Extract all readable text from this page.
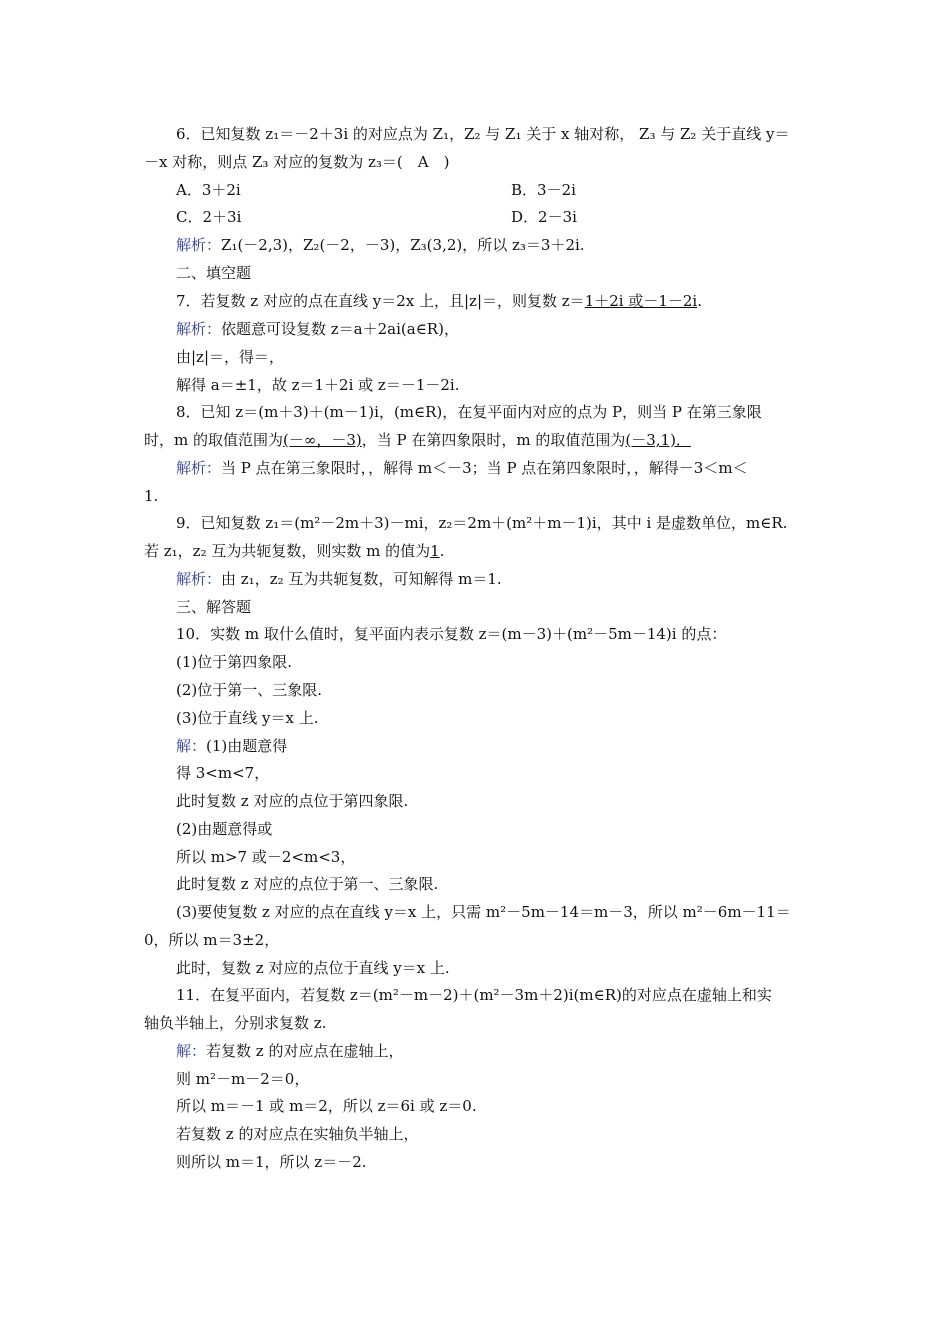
6．已知复数 z₁＝－2＋3i 的对应点为 Z₁，Z₂ 与 Z₁ 关于 x 轴对称， Z₃ 与 Z₂ 关于直线 y＝
－x 对称，则点 Z₃ 对应的复数为 z₃＝(　A　)
A．3＋2i	B．3－2i
C．2＋3i	D．2－3i
解析：Z₁(－2,3)，Z₂(－2，－3)，Z₃(3,2)，所以 z₃＝3＋2i.
二、填空题
7．若复数 z 对应的点在直线 y＝2x 上，且|z|＝，则复数 z＝1＋2i 或－1－2i.
解析：依题意可设复数 z＝a＋2ai(a∈R)，
由|z|＝，得＝，
解得 a＝±1，故 z＝1＋2i 或 z＝－1－2i.
8．已知 z＝(m＋3)＋(m－1)i，(m∈R)，在复平面内对应的点为 P，则当 P 在第三象限
时，m 的取值范围为(－∞，－3)，当 P 在第四象限时，m 的取值范围为(－3,1)．
解析：当 P 点在第三象限时，，解得 m＜－3；当 P 点在第四象限时，，解得－3＜m＜
1.
9．已知复数 z₁＝(m²－2m＋3)－mi，z₂＝2m＋(m²＋m－1)i，其中 i 是虚数单位，m∈R.
若 z₁，z₂ 互为共轭复数，则实数 m 的值为1.
解析：由 z₁，z₂ 互为共轭复数，可知解得 m＝1.
三、解答题
10．实数 m 取什么值时，复平面内表示复数 z＝(m－3)＋(m²－5m－14)i 的点：
(1)位于第四象限.
(2)位于第一、三象限.
(3)位于直线 y＝x 上.
解：(1)由题意得
得 3<m<7，
此时复数 z 对应的点位于第四象限.
(2)由题意得或
所以 m>7 或－2<m<3，
此时复数 z 对应的点位于第一、三象限.
(3)要使复数 z 对应的点在直线 y＝x 上，只需 m²－5m－14＝m－3，所以 m²－6m－11＝
0，所以 m＝3±2，
此时，复数 z 对应的点位于直线 y＝x 上.
11．在复平面内，若复数 z＝(m²－m－2)＋(m²－3m＋2)i(m∈R)的对应点在虚轴上和实
轴负半轴上，分别求复数 z.
解：若复数 z 的对应点在虚轴上，
则 m²－m－2＝0，
所以 m＝－1 或 m＝2，所以 z＝6i 或 z＝0.
若复数 z 的对应点在实轴负半轴上，
则所以 m＝1，所以 z＝－2.
